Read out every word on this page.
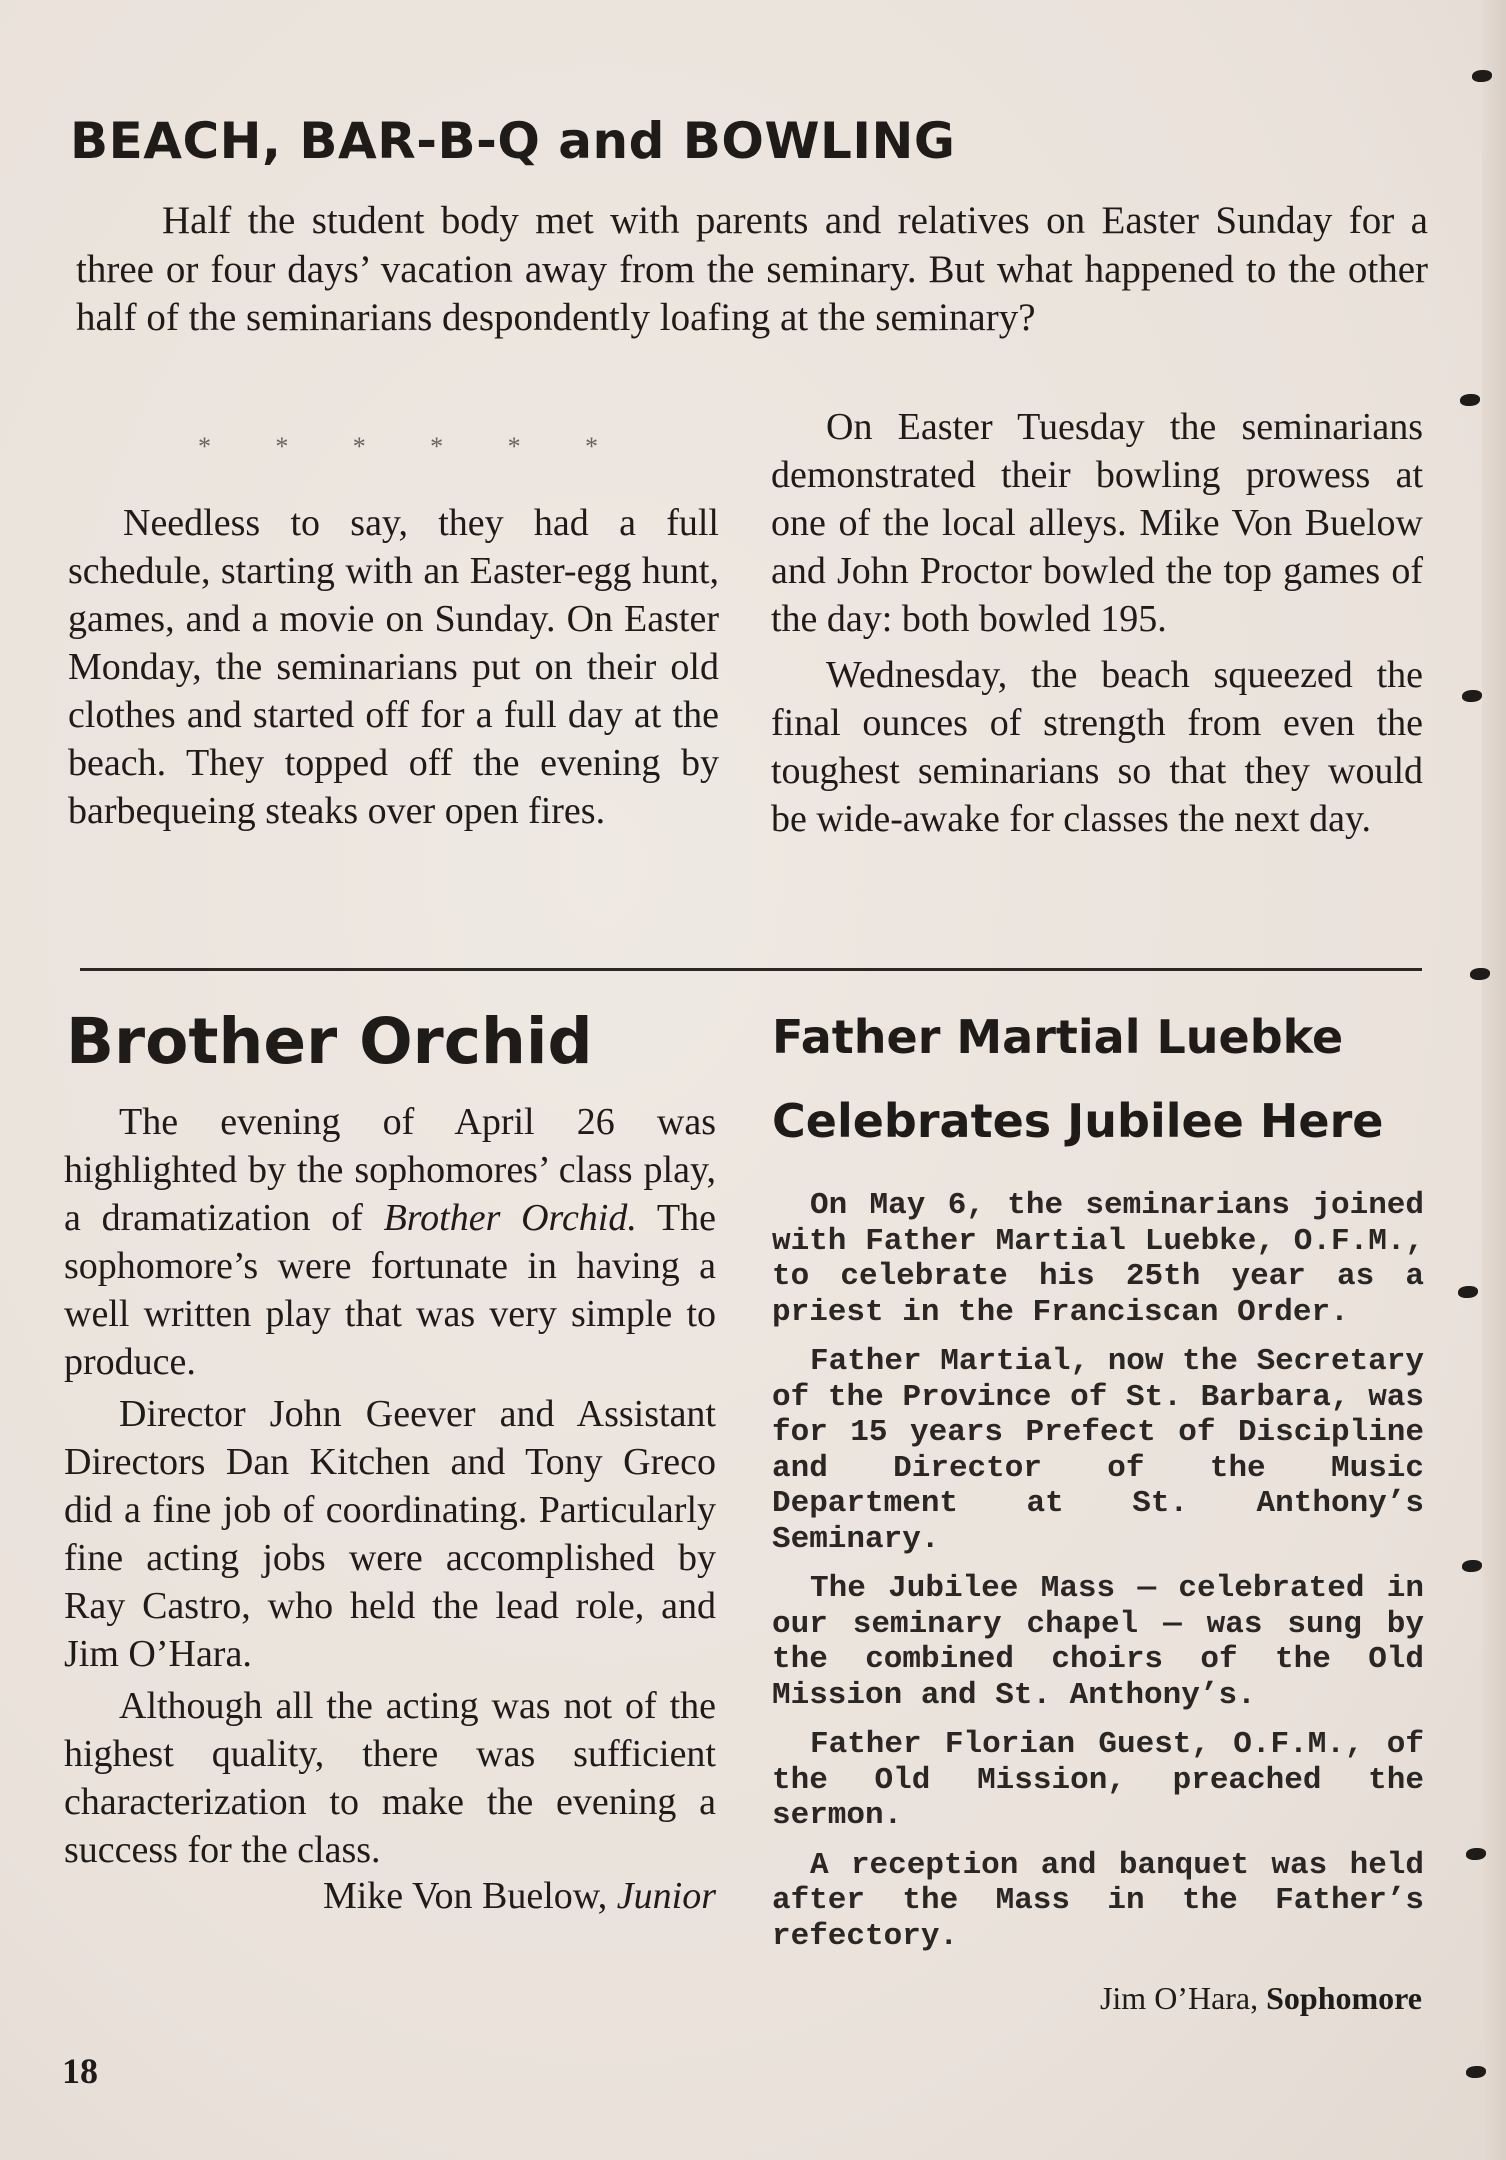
BEACH, BAR-B-Q and BOWLING

Half the student body met with parents and relatives on Easter Sunday for a three or four days’ vacation away from the seminary. But what happened to the other half of the seminarians despondently loafing at the seminary?

* * * * * *

Needless to say, they had a full schedule, starting with an Easter-egg hunt, games, and a movie on Sunday. On Easter Monday, the seminarians put on their old clothes and started off for a full day at the beach. They topped off the evening by barbequeing steaks over open fires.

On Easter Tuesday the seminarians demonstrated their bowling prowess at one of the local alleys. Mike Von Buelow and John Proctor bowled the top games of the day: both bowled 195.

Wednesday, the beach squeezed the final ounces of strength from even the toughest seminarians so that they would be wide-awake for classes the next day.

Brother Orchid

The evening of April 26 was highlighted by the sophomores’ class play, a dramatization of Brother Orchid. The sophomore’s were fortunate in having a well written play that was very simple to produce.

Director John Geever and Assistant Directors Dan Kitchen and Tony Greco did a fine job of coordinating. Particularly fine acting jobs were accomplished by Ray Castro, who held the lead role, and Jim O’Hara.

Although all the acting was not of the highest quality, there was sufficient characterization to make the evening a success for the class.

Mike Von Buelow, Junior

Father Martial Luebke
Celebrates Jubilee Here

On May 6, the seminarians joined with Father Martial Luebke, O.F.M., to celebrate his 25th year as a priest in the Franciscan Order.

Father Martial, now the Secretary of the Province of St. Barbara, was for 15 years Prefect of Discipline and Director of the Music Department at St. Anthony’s Seminary.

The Jubilee Mass — celebrated in our seminary chapel — was sung by the combined choirs of the Old Mission and St. Anthony’s.

Father Florian Guest, O.F.M., of the Old Mission, preached the sermon.

A reception and banquet was held after the Mass in the Father’s refectory.

Jim O’Hara, Sophomore

18
